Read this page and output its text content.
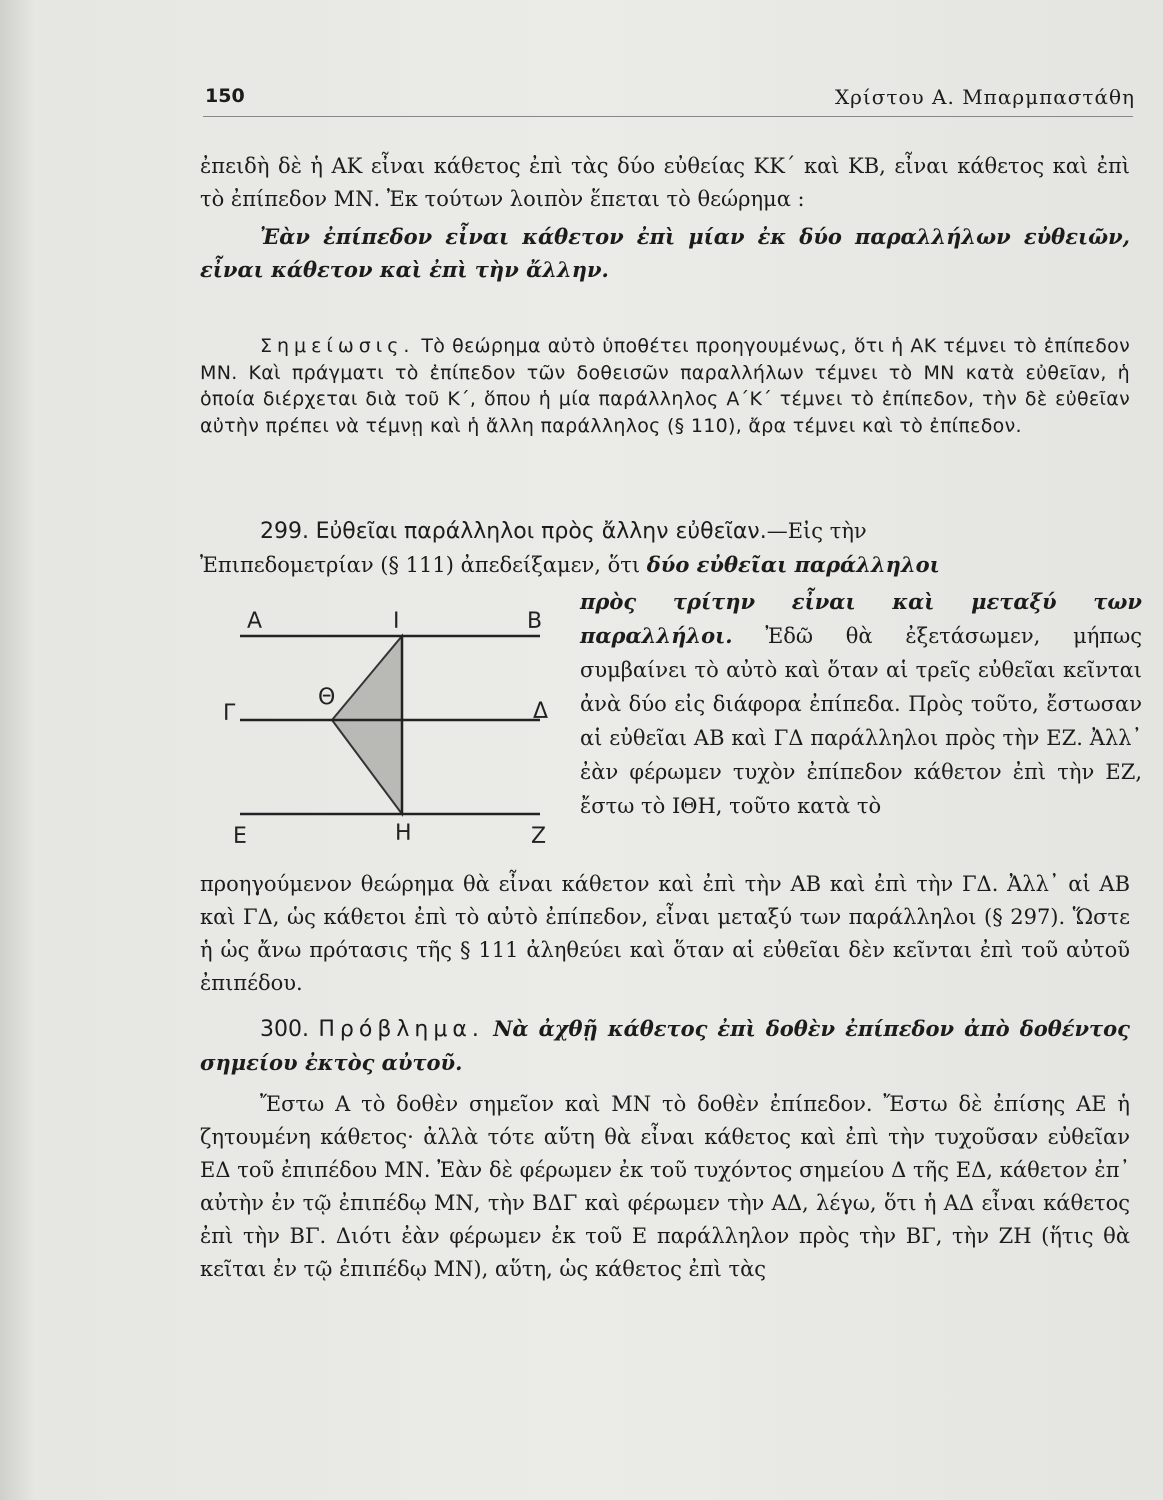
150	Χρίστου Α. Μπαρμπαστάθη

ἐπειδὴ δὲ ἡ ΑΚ εἶναι κάθετος ἐπὶ τὰς δύο εὐθείας ΚΚ΄ καὶ ΚΒ, εἶναι κάθετος καὶ ἐπὶ τὸ ἐπίπεδον ΜΝ. Ἐκ τούτων λοιπὸν ἕπεται τὸ θεώρημα :

Ἐὰν ἐπίπεδον εἶναι κάθετον ἐπὶ μίαν ἐκ δύο παραλλήλων εὐθειῶν, εἶναι κάθετον καὶ ἐπὶ τὴν ἄλλην.

Σημείωσις. Τὸ θεώρημα αὐτὸ ὑποθέτει προηγουμένως, ὅτι ἡ ΑΚ τέμνει τὸ ἐπίπεδον ΜΝ. Καὶ πράγματι τὸ ἐπίπεδον τῶν δοθεισῶν παραλλήλων τέμνει τὸ ΜΝ κατὰ εὐθεῖαν, ἡ ὁποία διέρχεται διὰ τοῦ Κ΄, ὅπου ἡ μία παράλληλος Α΄Κ΄ τέμνει τὸ ἐπίπεδον, τὴν δὲ εὐθεῖαν αὐτὴν πρέπει νὰ τέμνῃ καὶ ἡ ἄλλη παράλληλος (§ 110), ἄρα τέμνει καὶ τὸ ἐπίπεδον.

299. Εὐθεῖαι παράλληλοι πρὸς ἄλλην εὐθεῖαν.—Εἰς τὴν

Ἐπιπεδομετρίαν (§ 111) ἀπεδείξαμεν, ὅτι δύο εὐθεῖαι παράλληλοι

Α	Ι	Β
Γ
Θ
Δ
Ε	Η	Ζ

πρὸς τρίτην εἶναι καὶ μεταξύ των παραλλήλοι. Ἐδῶ θὰ ἐξετάσωμεν, μήπως συμβαίνει τὸ αὐτὸ καὶ ὅταν αἱ τρεῖς εὐθεῖαι κεῖνται ἀνὰ δύο εἰς διάφορα ἐπίπεδα. Πρὸς τοῦτο, ἔστωσαν αἱ εὐθεῖαι ΑΒ καὶ ΓΔ παράλληλοι πρὸς τὴν ΕΖ. Ἀλλ᾽ ἐὰν φέρωμεν τυχὸν ἐπίπεδον κάθετον ἐπὶ τὴν ΕΖ, ἔστω τὸ ΙΘΗ, τοῦτο κατὰ τὸ

προηγούμενον θεώρημα θὰ εἶναι κάθετον καὶ ἐπὶ τὴν ΑΒ καὶ ἐπὶ τὴν ΓΔ. Ἀλλ᾽ αἱ ΑΒ καὶ ΓΔ, ὡς κάθετοι ἐπὶ τὸ αὐτὸ ἐπίπεδον, εἶναι μεταξύ των παράλληλοι (§ 297). Ὥστε ἡ ὡς ἄνω πρότασις τῆς § 111 ἀληθεύει καὶ ὅταν αἱ εὐθεῖαι δὲν κεῖνται ἐπὶ τοῦ αὐτοῦ ἐπιπέδου.

300. Πρόβλημα. Νὰ ἀχθῇ κάθετος ἐπὶ δοθὲν ἐπίπεδον ἀπὸ δοθέντος σημείου ἐκτὸς αὐτοῦ.

Ἔστω Α τὸ δοθὲν σημεῖον καὶ ΜΝ τὸ δοθὲν ἐπίπεδον. Ἔστω δὲ ἐπίσης ΑΕ ἡ ζητουμένη κάθετος· ἀλλὰ τότε αὕτη θὰ εἶναι κάθετος καὶ ἐπὶ τὴν τυχοῦσαν εὐθεῖαν ΕΔ τοῦ ἐπιπέδου ΜΝ. Ἐὰν δὲ φέρωμεν ἐκ τοῦ τυχόντος σημείου Δ τῆς ΕΔ, κάθετον ἐπ᾽ αὐτὴν ἐν τῷ ἐπιπέδῳ ΜΝ, τὴν ΒΔΓ καὶ φέρωμεν τὴν ΑΔ, λέγω, ὅτι ἡ ΑΔ εἶναι κάθετος ἐπὶ τὴν ΒΓ. Διότι ἐὰν φέρωμεν ἐκ τοῦ Ε παράλληλον πρὸς τὴν ΒΓ, τὴν ΖΗ (ἥτις θὰ κεῖται ἐν τῷ ἐπιπέδῳ ΜΝ), αὕτη, ὡς κάθετος ἐπὶ τὰς
